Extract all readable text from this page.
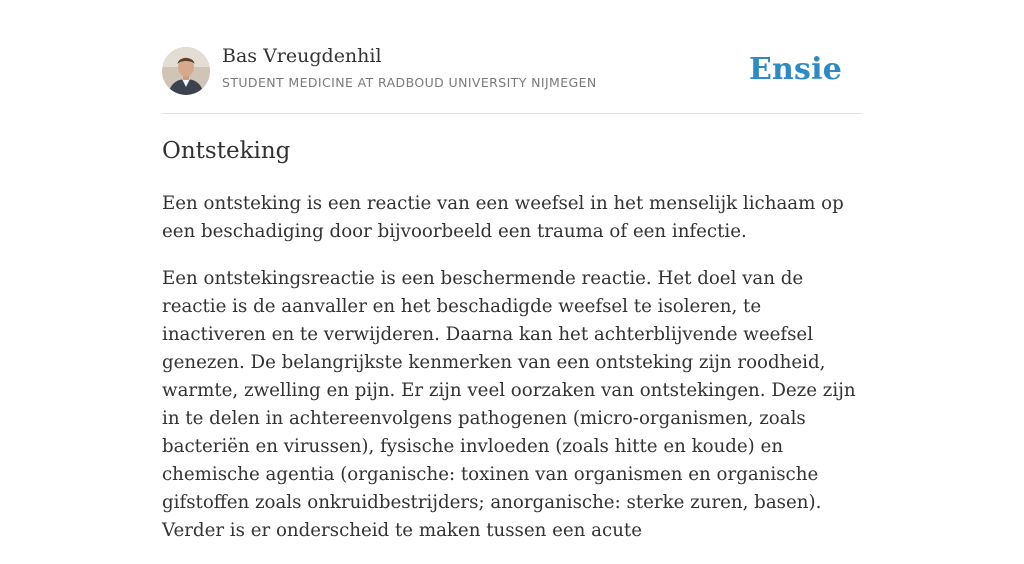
Bas Vreugdenhil
STUDENT MEDICINE AT RADBOUD UNIVERSITY NIJMEGEN	Ensie
Ontsteking

Een ontsteking is een reactie van een weefsel in het menselijk lichaam op een beschadiging door bijvoorbeeld een trauma of een infectie.

Een ontstekingsreactie is een beschermende reactie. Het doel van de reactie is de aanvaller en het beschadigde weefsel te isoleren, te inactiveren en te verwijderen. Daarna kan het achterblijvende weefsel genezen. De belangrijkste kenmerken van een ontsteking zijn roodheid, warmte, zwelling en pijn. Er zijn veel oorzaken van ontstekingen. Deze zijn in te delen in achtereenvolgens pathogenen (micro-organismen, zoals bacteriën en virussen), fysische invloeden (zoals hitte en koude) en chemische agentia (organische: toxinen van organismen en organische gifstoffen zoals onkruidbestrijders; anorganische: sterke zuren, basen). Verder is er onderscheid te maken tussen een acute
